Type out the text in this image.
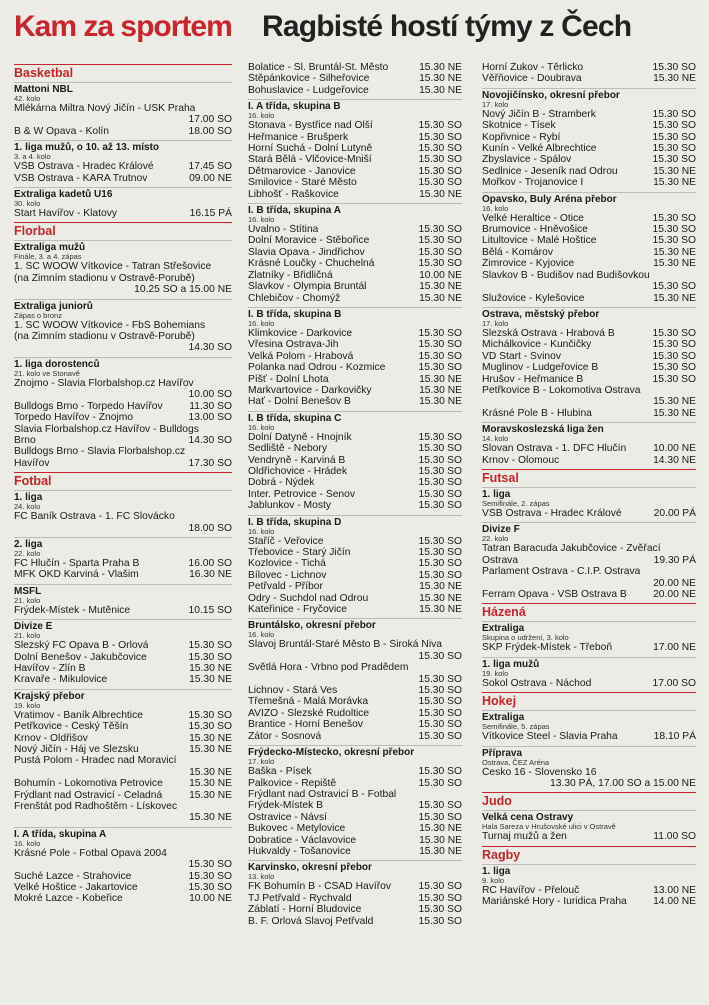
Kam za sportem Ragbisté hostí týmy z Čech
Basketbal
Mattoni NBL
42. kolo
Mlékárna Miltra Nový Jičín - USK Praha
17.00 SO
B & W Opava - Kolín	18.00 SO
1. liga mužů, o 10. až 13. místo
3. a 4. kolo
VŠB Ostrava - Hradec Králové	17.45 SO
VŠB Ostrava - KARA Trutnov	09.00 NE
Extraliga kadetů U16
30. kolo
Start Havířov - Klatovy	16.15 PÁ
Florbal
Extraliga mužů
Finále, 3. a 4. zápas
1. SC WOOW Vítkovice - Tatran Střešovice
(na Zimním stadionu v Ostravě-Porubě)
10.25 SO a 15.00 NE
Extraliga juniorů
Zápas o bronz
1. SC WOOW Vítkovice - FbŠ Bohemians
(na Zimním stadionu v Ostravě-Porubě)
14.30 SO
1. liga dorostenců
21. kolo ve Stonavě
Znojmo - Slavia Florbalshop.cz Havířov
10.00 SO
Bulldogs Brno - Torpedo Havířov	11.30 SO
Torpedo Havířov - Znojmo	13.00 SO
Slavia Florbalshop.cz Havířov - Bulldogs
Brno	14.30 SO
Bulldogs Brno - Slavia Florbalshop.cz
Havířov	17.30 SO
Fotbal
1. liga
24. kolo
FC Baník Ostrava - 1. FC Slovácko
18.00 SO
2. liga
22. kolo
FC Hlučín - Sparta Praha B	16.00 SO
MFK OKD Karviná - Vlašim	16.30 NE
MSFL
21. kolo
Frýdek-Místek - Mutěnice	10.15 SO
Divize E
21. kolo
Slezský FC Opava B - Orlová	15.30 SO
Dolní Benešov - Jakubčovice	15.30 SO
Havířov - Zlín B	15.30 NE
Kravaře - Mikulovice	15.30 NE
Krajský přebor
19. kolo
Vratimov - Baník Albrechtice	15.30 SO
Petřkovice - Český Těšín	15.30 SO
Krnov - Oldřišov	15.30 NE
Nový Jičín - Háj ve Slezsku	15.30 NE
Pustá Polom - Hradec nad Moravicí
15.30 NE
Bohumín - Lokomotiva Petrovice	15.30 NE
Frýdlant nad Ostravicí - Čeladná	15.30 NE
Frenštát pod Radhoštěm - Lískovec
15.30 NE
I. A třída, skupina A
16. kolo
Krásné Pole - Fotbal Opava 2004
15.30 SO
Suché Lazce - Strahovice	15.30 SO
Velké Hoštice - Jakartovice	15.30 SO
Mokré Lazce - Kobeřice	10.00 NE
Bolatice - Sl. Bruntál-St. Město	15.30 NE
Štěpánkovice - Šilheřovice	15.30 NE
Bohuslavice - Ludgeřovice	15.30 NE
I. A třída, skupina B
16. kolo
Stonava - Bystřice nad Olší	15.30 SO
Heřmanice - Brušperk	15.30 SO
Horní Suchá - Dolní Lutyně	15.30 SO
Stará Bělá - Vlčovice-Mniší	15.30 SO
Dětmarovice - Janovice	15.30 SO
Smilovice - Staré Město	15.30 SO
Libhošť - Raškovice	15.30 NE
I. B třída, skupina A
16. kolo
Úvalno - Štítina	15.30 SO
Dolní Moravice - Štěbořice	15.30 SO
Slavia Opava - Jindřichov	15.30 SO
Krásné Loučky - Chuchelná	15.30 SO
Zlatníky - Břidličná	10.00 NE
Slavkov - Olympia Bruntál	15.30 NE
Chlebičov - Chomýž	15.30 NE
I. B třída, skupina B
16. kolo
Klimkovice - Darkovice	15.30 SO
Vřesina Ostrava-Jih	15.30 SO
Velká Polom - Hrabová	15.30 SO
Polanka nad Odrou - Kozmice	15.30 SO
Píšť - Dolní Lhota	15.30 NE
Markvartovice - Darkovičky	15.30 NE
Hať - Dolní Benešov B	15.30 NE
I. B třída, skupina C
16. kolo
Dolní Datyně - Hnojník	15.30 SO
Sedliště - Nebory	15.30 SO
Vendryně - Karviná B	15.30 SO
Oldřichovice - Hrádek	15.30 SO
Dobrá - Nýdek	15.30 SO
Inter. Petrovice - Šenov	15.30 SO
Jablunkov - Mosty	15.30 SO
I. B třída, skupina D
16. kolo
Staříč - Veřovice	15.30 SO
Třebovice - Starý Jičín	15.30 SO
Kozlovice - Tichá	15.30 SO
Bílovec - Lichnov	15.30 SO
Petřvald - Příbor	15.30 NE
Odry - Suchdol nad Odrou	15.30 NE
Kateřinice - Fryčovice	15.30 NE
Bruntálsko, okresní přebor
16. kolo
Slavoj Bruntál-Staré Město B - Široká Niva
15.30 SO
Světlá Hora - Vrbno pod Pradědem
15.30 SO
Lichnov - Stará Ves	15.30 SO
Třemešná - Malá Morávka	15.30 SO
AVIZO - Slezské Rudoltice	15.30 SO
Brantice - Horní Benešov	15.30 SO
Zátor - Sosnová	15.30 SO
Frýdecko-Místecko, okresní přebor
17. kolo
Baška - Písek	15.30 SO
Palkovice - Řepiště	15.30 SO
Frýdlant nad Ostravicí B - Fotbal
Frýdek-Místek B	15.30 SO
Ostravice - Návsí	15.30 SO
Bukovec - Metylovice	15.30 NE
Dobratice - Václavovice	15.30 NE
Hukvaldy - Tošanovice	15.30 NE
Karvinsko, okresní přebor
13. kolo
FK Bohumín B - ČSAD Havířov	15.30 SO
TJ Petřvald - Rychvald	15.30 SO
Záblatí - Horní Bludovice	15.30 SO
B. F. Orlová Slavoj Petřvald	15.30 SO
Horní Žukov - Těrlicko	15.30 SO
Věřňovice - Doubrava	15.30 NE
Novojičínsko, okresní přebor
17. kolo
Nový Jičín B - Štramberk	15.30 SO
Skotnice - Tísek	15.30 SO
Kopřivnice - Rybí	15.30 SO
Kunín - Velké Albrechtice	15.30 SO
Zbyslavice - Spálov	15.30 SO
Sedlnice - Jeseník nad Odrou	15.30 NE
Mořkov - Trojanovice I	15.30 NE
Opavsko, Buly Aréna přebor
16. kolo
Velké Heraltice - Otice	15.30 SO
Brumovice - Hněvošice	15.30 SO
Litultovice - Malé Hoštice	15.30 SO
Bělá - Komárov	15.30 NE
Žimrovice - Kyjovice	15.30 NE
Slavkov B - Budišov nad Budišovkou
15.30 SO
Služovice - Kylešovice	15.30 NE
Ostrava, městský přebor
17. kolo
Slezská Ostrava - Hrabová B	15.30 SO
Michálkovice - Kunčičky	15.30 SO
VD Start - Svinov	15.30 SO
Muglinov - Ludgeřovice B	15.30 SO
Hrušov - Heřmanice B	15.30 SO
Petřkovice B - Lokomotiva Ostrava
15.30 NE
Krásné Pole B - Hlubina	15.30 NE
Moravskoslezská liga žen
14. kolo
Slovan Ostrava - 1. DFC Hlučín	10.00 NE
Krnov - Olomouc	14.30 NE
Futsal
1. liga
Semifinále, 2. zápas
VŠB Ostrava - Hradec Králové	20.00 PÁ
Divize F
22. kolo
Tatran Baracuda Jakubčovice - Zvěřací
Ostrava	19.30 PÁ
Parlament Ostrava - C.I.P. Ostrava
20.00 NE
Ferram Opava - VŠB Ostrava B	20.00 NE
Házená
Extraliga
Skupina o udržení, 3. kolo
SKP Frýdek-Místek - Třeboň	17.00 NE
1. liga mužů
19. kolo
Sokol Ostrava - Náchod	17.00 SO
Hokej
Extraliga
Semifinále, 5. zápas
Vítkovice Steel - Slavia Praha	18.10 PÁ
Příprava
Ostrava, ČEZ Aréna
Česko 16 - Slovensko 16
13.30 PÁ, 17.00 SO a 15.00 NE
Judo
Velká cena Ostravy
Hala Sareza v Hrušovské ulici v Ostravě
Turnaj mužů a žen	11.00 SO
Ragby
1. liga
9. kolo
RC Havířov - Přelouč	13.00 NE
Mariánské Hory - Iuridica Praha	14.00 NE
